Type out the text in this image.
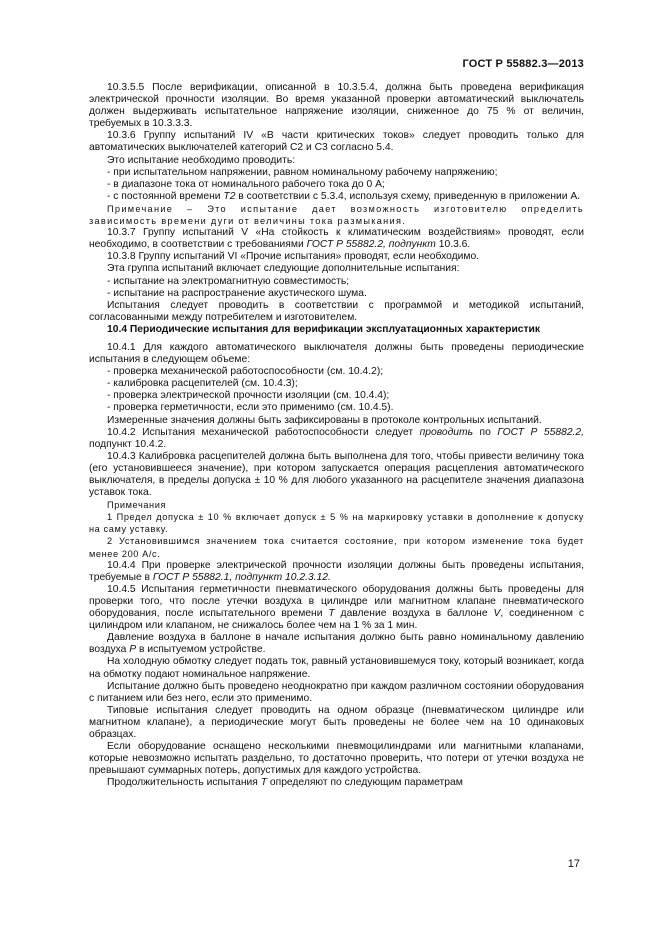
ГОСТ Р 55882.3—2013

10.3.5.5 После верификации, описанной в 10.3.5.4, должна быть проведена верификация электрической прочности изоляции. Во время указанной проверки автоматический выключатель должен выдерживать испытательное напряжение изоляции, сниженное до 75 % от величин, требуемых в 10.3.3.3.

10.3.6 Группу испытаний IV «В части критических токов» следует проводить только для автоматических выключателей категорий С2 и С3 согласно 5.4.

Это испытание необходимо проводить:

- при испытательном напряжении, равном номинальному рабочему напряжению;

- в диапазоне тока от номинального рабочего тока до 0 А;

- с постоянной времени T2 в соответствии с 5.3.4, используя схему, приведенную в приложении А.

Примечание – Это испытание дает возможность изготовителю определить зависимость времени дуги от величины тока размыкания.

10.3.7 Группу испытаний V «На стойкость к климатическим воздействиям» проводят, если необходимо, в соответствии с требованиями ГОСТ Р 55882.2, подпункт 10.3.6.

10.3.8 Группу испытаний VI «Прочие испытания» проводят, если необходимо.

Эта группа испытаний включает следующие дополнительные испытания:

- испытание на электромагнитную совместимость;

- испытание на распространение акустического шума.

Испытания следует проводить в соответствии с программой и методикой испытаний, согласованными между потребителем и изготовителем.

10.4 Периодические испытания для верификации эксплуатационных характеристик

10.4.1 Для каждого автоматического выключателя должны быть проведены периодические испытания в следующем объеме:

- проверка механической работоспособности (см. 10.4.2);

- калибровка расцепителей (см. 10.4.3);

- проверка электрической прочности изоляции (см. 10.4.4);

- проверка герметичности, если это применимо (см. 10.4.5).

Измеренные значения должны быть зафиксированы в протоколе контрольных испытаний.

10.4.2 Испытания механической работоспособности следует проводить по ГОСТ Р 55882.2, подпункт 10.4.2.

10.4.3 Калибровка расцепителей должна быть выполнена для того, чтобы привести величину тока (его установившееся значение), при котором запускается операция расцепления автоматического выключателя, в пределы допуска ± 10 % для любого указанного на расцепителе значения диапазона уставок тока.

Примечания

1 Предел допуска ± 10 % включает допуск ± 5 % на маркировку уставки в дополнение к допуску на саму уставку.

2 Установившимся значением тока считается состояние, при котором изменение тока будет менее 200 А/с.

10.4.4 При проверке электрической прочности изоляции должны быть проведены испытания, требуемые в ГОСТ Р 55882.1, подпункт 10.2.3.12.

10.4.5 Испытания герметичности пневматического оборудования должны быть проведены для проверки того, что после утечки воздуха в цилиндре или магнитном клапане пневматического оборудования, после испытательного времени T давление воздуха в баллоне V, соединенном с цилиндром или клапаном, не снижалось более чем на 1 % за 1 мин.

Давление воздуха в баллоне в начале испытания должно быть равно номинальному давлению воздуха P в испытуемом устройстве.

На холодную обмотку следует подать ток, равный установившемуся току, который возникает, когда на обмотку подают номинальное напряжение.

Испытание должно быть проведено неоднократно при каждом различном состоянии оборудования с питанием или без него, если это применимо.

Типовые испытания следует проводить на одном образце (пневматическом цилиндре или магнитном клапане), а периодические могут быть проведены не более чем на 10 одинаковых образцах.

Если оборудование оснащено несколькими пневмоцилиндрами или магнитными клапанами, которые невозможно испытать раздельно, то достаточно проверить, что потери от утечки воздуха не превышают суммарных потерь, допустимых для каждого устройства.

Продолжительность испытания T определяют по следующим параметрам

17
